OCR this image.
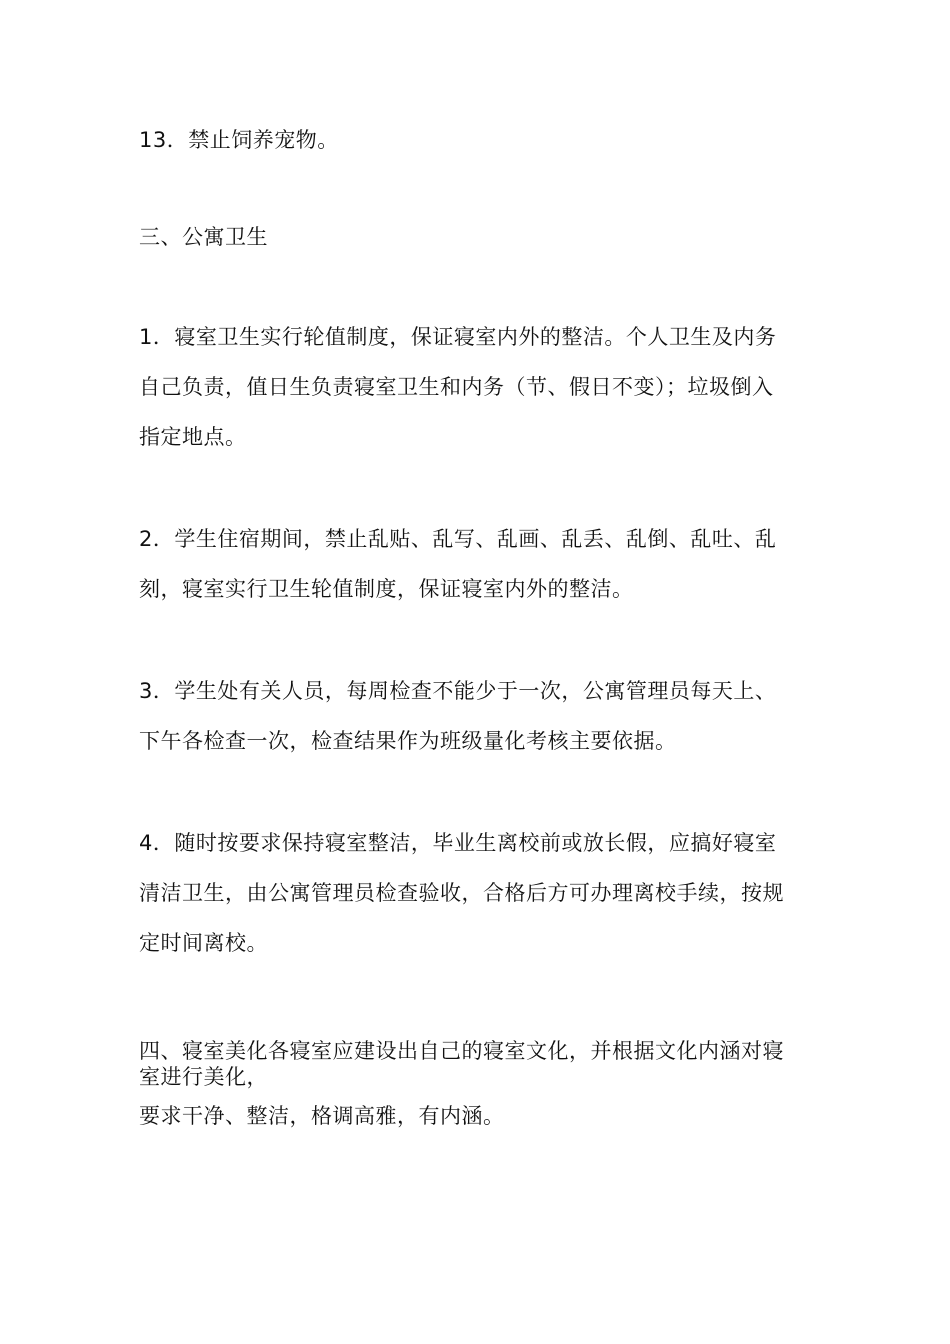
13．禁止饲养宠物。
三、公寓卫生
1．寝室卫生实行轮值制度，保证寝室内外的整洁。个人卫生及内务
自己负责，值日生负责寝室卫生和内务（节、假日不变）；垃圾倒入
指定地点。
2．学生住宿期间，禁止乱贴、乱写、乱画、乱丢、乱倒、乱吐、乱
刻，寝室实行卫生轮值制度，保证寝室内外的整洁。
3．学生处有关人员，每周检查不能少于一次，公寓管理员每天上、
下午各检查一次，检查结果作为班级量化考核主要依据。
4．随时按要求保持寝室整洁，毕业生离校前或放长假，应搞好寝室
清洁卫生，由公寓管理员检查验收，合格后方可办理离校手续，按规
定时间离校。
四、寝室美化各寝室应建设出自己的寝室文化，并根据文化内涵对寝
室进行美化，
要求干净、整洁，格调高雅，有内涵。
